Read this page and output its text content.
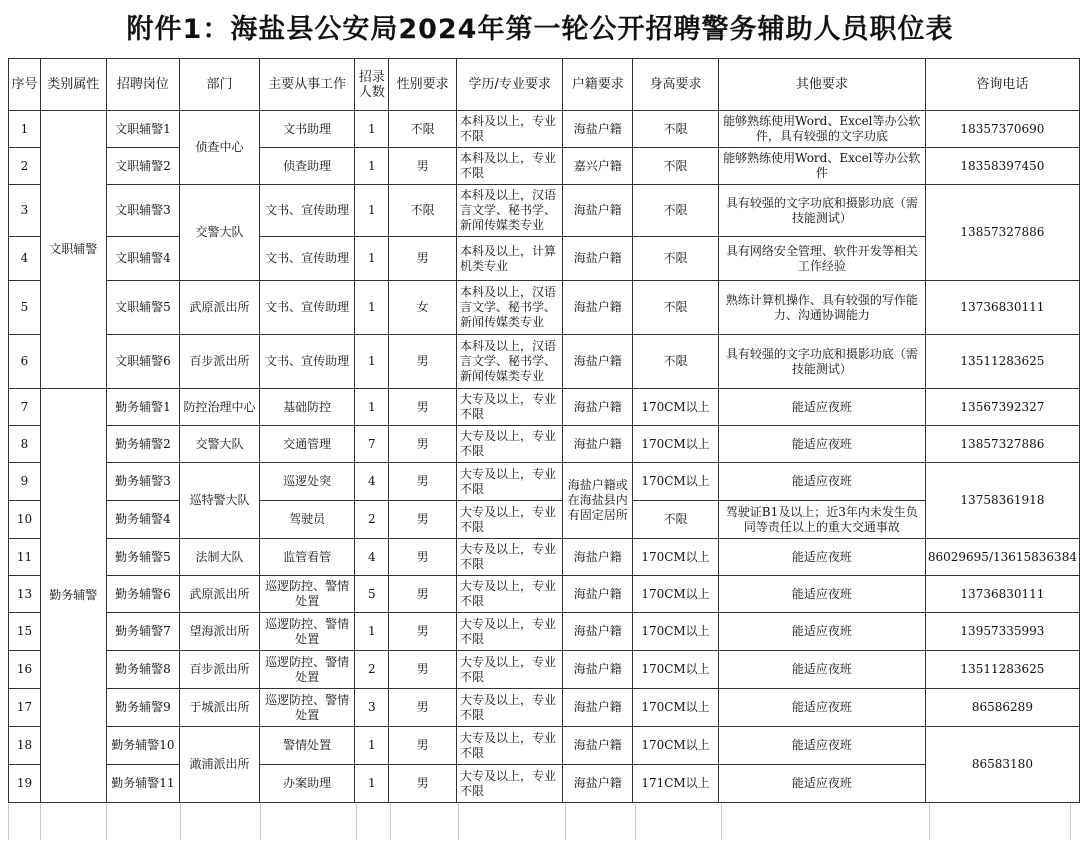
附件1：海盐县公安局2024年第一轮公开招聘警务辅助人员职位表
序号	类别属性	招聘岗位	部门	主要从事工作	招录人数	性别要求	学历/专业要求	户籍要求	身高要求	其他要求	咨询电话
1	文职辅警	文职辅警1	侦查中心	文书助理	1	不限	本科及以上，专业不限	海盐户籍	不限	能够熟练使用Word、Excel等办公软件，具有较强的文字功底	18357370690
2		文职辅警2		侦查助理	1	男	本科及以上，专业不限	嘉兴户籍	不限	能够熟练使用Word、Excel等办公软件	18358397450
3		文职辅警3	交警大队	文书、宣传助理	1	不限	本科及以上，汉语言文学、秘书学、新闻传媒类专业	海盐户籍	不限	具有较强的文字功底和摄影功底（需技能测试）	13857327886
4		文职辅警4		文书、宣传助理	1	男	本科及以上，计算机类专业	海盐户籍	不限	具有网络安全管理、软件开发等相关工作经验	
5		文职辅警5	武原派出所	文书、宣传助理	1	女	本科及以上，汉语言文学、秘书学、新闻传媒类专业	海盐户籍	不限	熟练计算机操作、具有较强的写作能力、沟通协调能力	13736830111
6		文职辅警6	百步派出所	文书、宣传助理	1	男	本科及以上，汉语言文学、秘书学、新闻传媒类专业	海盐户籍	不限	具有较强的文字功底和摄影功底（需技能测试）	13511283625
7	勤务辅警	勤务辅警1	防控治理中心	基础防控	1	男	大专及以上，专业不限	海盐户籍	170CM以上	能适应夜班	13567392327
8		勤务辅警2	交警大队	交通管理	7	男	大专及以上，专业不限	海盐户籍	170CM以上	能适应夜班	13857327886
9		勤务辅警3	巡特警大队	巡逻处突	4	男	大专及以上，专业不限	海盐户籍或在海盐县内有固定居所	170CM以上	能适应夜班	13758361918
10		勤务辅警4		驾驶员	2	男	大专及以上，专业不限		不限	驾驶证B1及以上；近3年内未发生负同等责任以上的重大交通事故	
11		勤务辅警5	法制大队	监管看管	4	男	大专及以上，专业不限	海盐户籍	170CM以上	能适应夜班	86029695/13615836384
13		勤务辅警6	武原派出所	巡逻防控、警情处置	5	男	大专及以上，专业不限	海盐户籍	170CM以上	能适应夜班	13736830111
15		勤务辅警7	望海派出所	巡逻防控、警情处置	1	男	大专及以上，专业不限	海盐户籍	170CM以上	能适应夜班	13957335993
16		勤务辅警8	百步派出所	巡逻防控、警情处置	2	男	大专及以上，专业不限	海盐户籍	170CM以上	能适应夜班	13511283625
17		勤务辅警9	于城派出所	巡逻防控、警情处置	3	男	大专及以上，专业不限	海盐户籍	170CM以上	能适应夜班	86586289
18		勤务辅警10	澉浦派出所	警情处置	1	男	大专及以上，专业不限	海盐户籍	170CM以上	能适应夜班	86583180
19		勤务辅警11		办案助理	1	男	大专及以上，专业不限	海盐户籍	171CM以上	能适应夜班	
